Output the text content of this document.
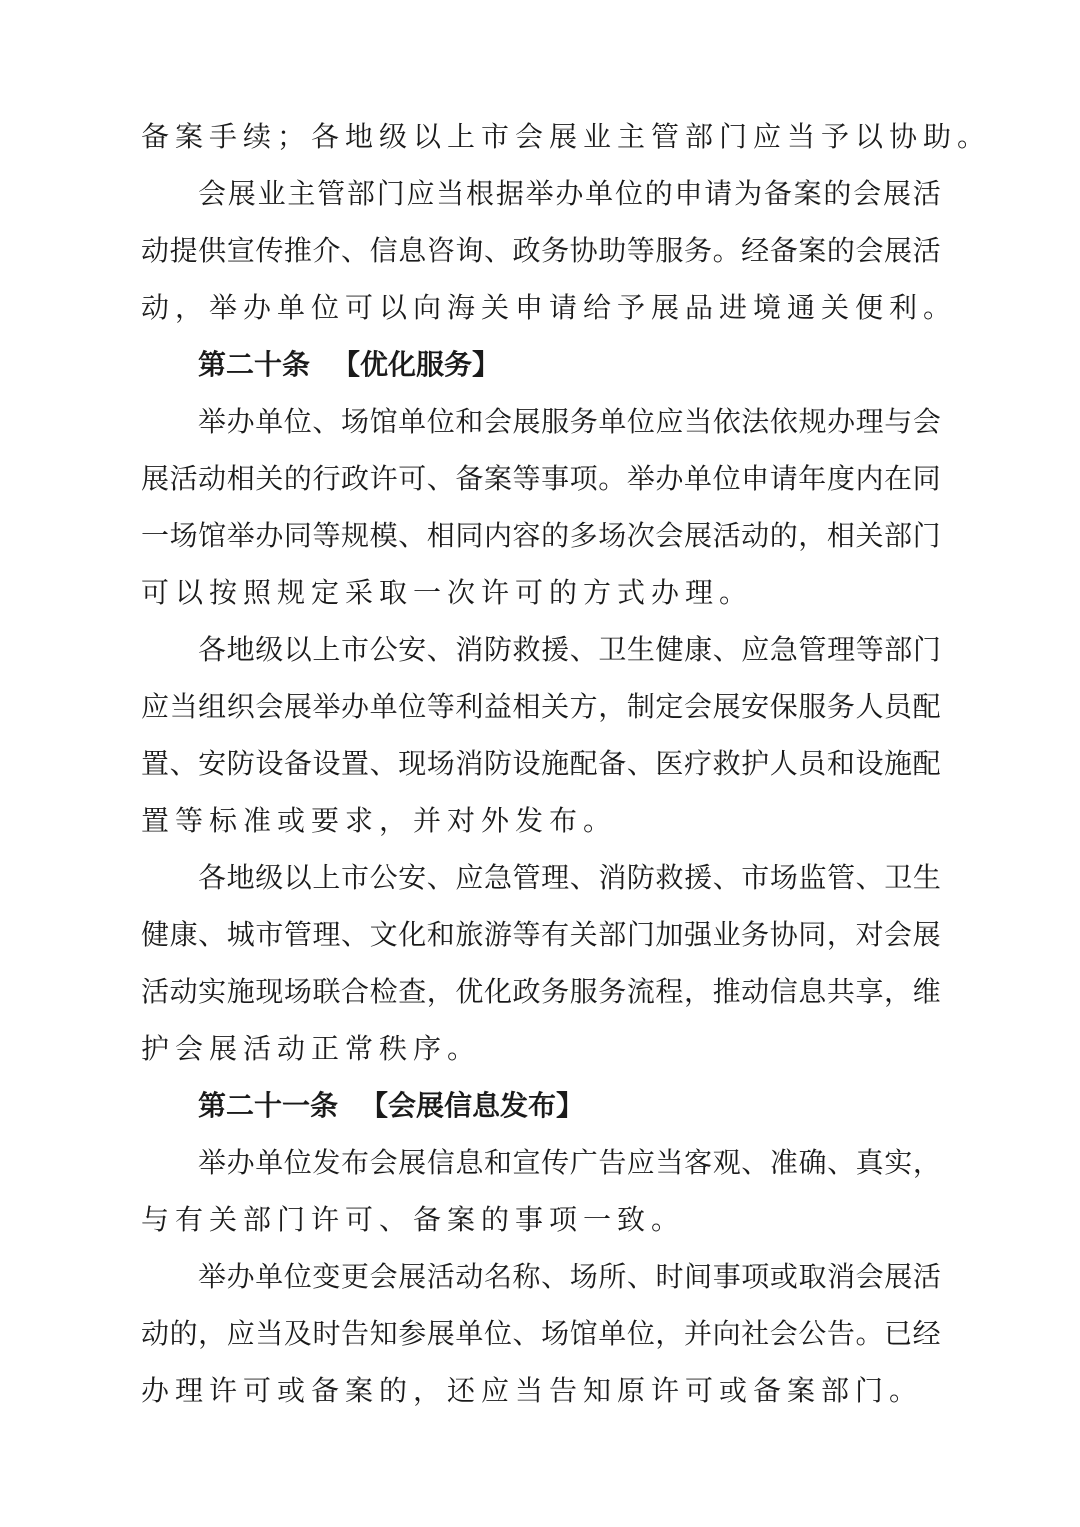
备案手续；各地级以上市会展业主管部门应当予以协助。
会 展 业 主 管 部 门 应 当 根 据 举 办 单 位 的 申 请 为 备 案 的 会 展 活
动 提 供 宣 传 推 介 、 信 息 咨 询 、 政 务 协 助 等 服 务 。 经 备 案 的 会 展 活
动，举办单位可以向海关申请给予展品进境通关便利。
第二十条 【优化服务】
举 办 单 位 、 场 馆 单 位 和 会 展 服 务 单 位 应 当 依 法 依 规 办 理 与 会
展 活 动 相 关 的 行 政 许 可 、 备 案 等 事 项 。 举 办 单 位 申 请 年 度 内 在 同
一 场 馆 举 办 同 等 规 模 、 相 同 内 容 的 多 场 次 会 展 活 动 的 ， 相 关 部 门
可以按照规定采取一次许可的方式办理。
各 地 级 以 上 市 公 安 、 消 防 救 援 、 卫 生 健 康 、 应 急 管 理 等 部 门
应 当 组 织 会 展 举 办 单 位 等 利 益 相 关 方 ， 制 定 会 展 安 保 服 务 人 员 配
置 、 安 防 设 备 设 置 、 现 场 消 防 设 施 配 备 、 医 疗 救 护 人 员 和 设 施 配
置等标准或要求，并对外发布。
各 地 级 以 上 市 公 安 、 应 急 管 理 、 消 防 救 援 、 市 场 监 管 、 卫 生
健 康 、 城 市 管 理 、 文 化 和 旅 游 等 有 关 部 门 加 强 业 务 协 同 ， 对 会 展
活 动 实 施 现 场 联 合 检 查 ， 优 化 政 务 服 务 流 程 ， 推 动 信 息 共 享 ， 维
护会展活动正常秩序。
第二十一条 【会展信息发布】
举 办 单 位 发 布 会 展 信 息 和 宣 传 广 告 应 当 客 观 、 准 确 、 真 实 ，
与有关部门许可、备案的事项一致。
举 办 单 位 变 更 会 展 活 动 名 称 、 场 所 、 时 间 事 项 或 取 消 会 展 活
动 的 ， 应 当 及 时 告 知 参 展 单 位 、 场 馆 单 位 ， 并 向 社 会 公 告 。 已 经
办理许可或备案的，还应当告知原许可或备案部门。
